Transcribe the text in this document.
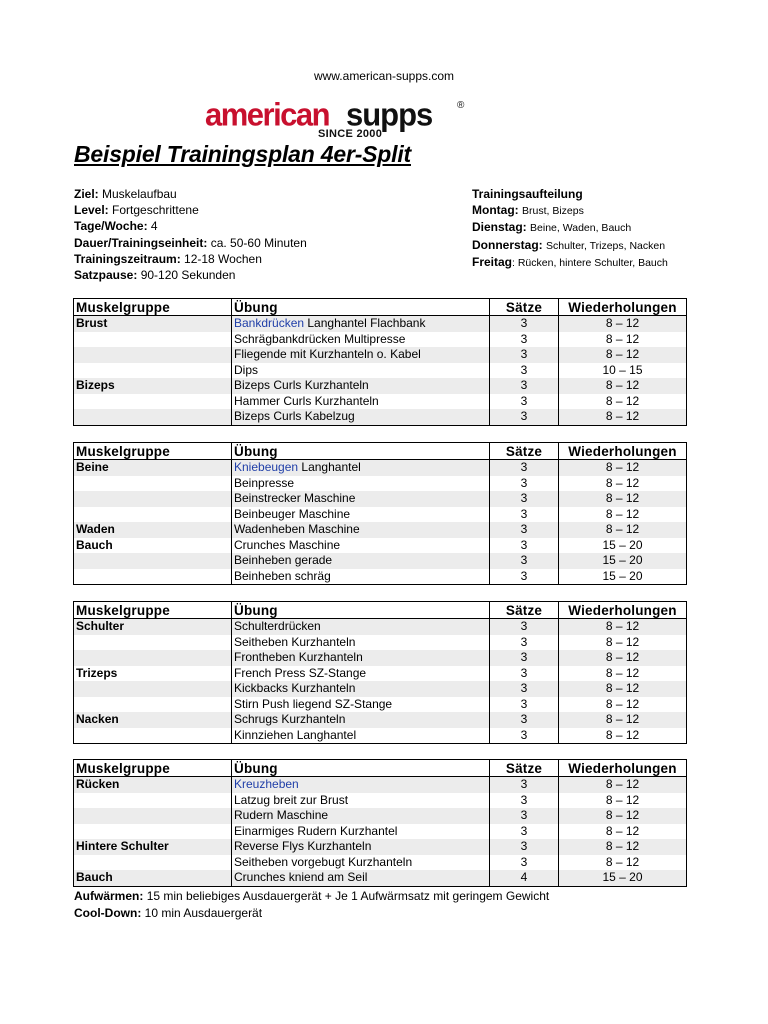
www.american-supps.com
american supps ®
SINCE 2000
Beispiel Trainingsplan 4er-Split
Ziel: Muskelaufbau
Level: Fortgeschrittene
Tage/Woche: 4
Dauer/Trainingseinheit: ca. 50-60 Minuten
Trainingszeitraum: 12-18 Wochen
Satzpause: 90-120 Sekunden
Trainingsaufteilung
Montag: Brust, Bizeps
Dienstag: Beine, Waden, Bauch
Donnerstag: Schulter, Trizeps, Nacken
Freitag: Rücken, hintere Schulter, Bauch
Muskelgruppe	Übung	Sätze	Wiederholungen
Brust	Bankdrücken Langhantel Flachbank	3	8 – 12
	Schrägbankdrücken Multipresse	3	8 – 12
	Fliegende mit Kurzhanteln o. Kabel	3	8 – 12
	Dips	3	10 – 15
Bizeps	Bizeps Curls Kurzhanteln	3	8 – 12
	Hammer Curls Kurzhanteln	3	8 – 12
	Bizeps Curls Kabelzug	3	8 – 12
Muskelgruppe	Übung	Sätze	Wiederholungen
Beine	Kniebeugen Langhantel	3	8 – 12
	Beinpresse	3	8 – 12
	Beinstrecker Maschine	3	8 – 12
	Beinbeuger Maschine	3	8 – 12
Waden	Wadenheben Maschine	3	8 – 12
Bauch	Crunches Maschine	3	15 – 20
	Beinheben gerade	3	15 – 20
	Beinheben schräg	3	15 – 20
Muskelgruppe	Übung	Sätze	Wiederholungen
Schulter	Schulterdrücken	3	8 – 12
	Seitheben Kurzhanteln	3	8 – 12
	Frontheben Kurzhanteln	3	8 – 12
Trizeps	French Press SZ-Stange	3	8 – 12
	Kickbacks Kurzhanteln	3	8 – 12
	Stirn Push liegend SZ-Stange	3	8 – 12
Nacken	Schrugs Kurzhanteln	3	8 – 12
	Kinnziehen Langhantel	3	8 – 12
Muskelgruppe	Übung	Sätze	Wiederholungen
Rücken	Kreuzheben	3	8 – 12
	Latzug breit zur Brust	3	8 – 12
	Rudern Maschine	3	8 – 12
	Einarmiges Rudern Kurzhantel	3	8 – 12
Hintere Schulter	Reverse Flys Kurzhanteln	3	8 – 12
	Seitheben vorgebugt Kurzhanteln	3	8 – 12
Bauch	Crunches kniend am Seil	4	15 – 20
Aufwärmen: 15 min beliebiges Ausdauergerät + Je 1 Aufwärmsatz mit geringem Gewicht
Cool-Down: 10 min Ausdauergerät
